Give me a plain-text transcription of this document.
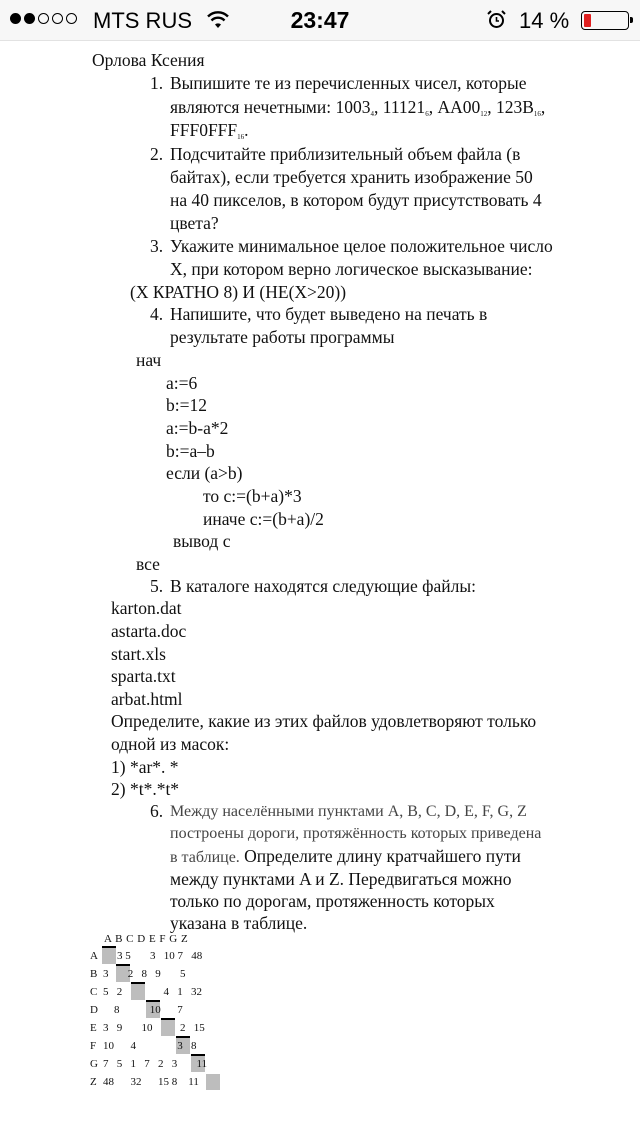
MTS RUS	23:47	14 %
Орлова Ксения
1. Выпишите те из перечисленных чисел, которые
являются нечетными: $1003_4$, $11121_6$, $AA00_{12}$, $123B_{16}$,
$FFF0FFF_{16}$.
2. Подсчитайте приблизительный объем файла (в
байтах), если требуется хранить изображение 50
на 40 пикселов, в котором будут присутствовать 4
цвета?
3. Укажите минимальное целое положительное число
X, при котором верно логическое высказывание:
(X КРАТНО 8) И (НЕ(X>20))
4. Напишите, что будет выведено на печать в
результате работы программы
нач
a:=6
b:=12
a:=b-a*2
b:=a–b
если (a>b)
то c:=(b+a)*3
иначе c:=(b+a)/2
вывод c
все
5. В каталоге находятся следующие файлы:
karton.dat
astarta.doc
start.xls
sparta.txt
arbat.html
Определите, какие из этих файлов удовлетворяют только
одной из масок:
1) *ar*. *
2) *t*.*t*
6. Между населёнными пунктами A, B, C, D, E, F, G, Z
построены дороги, протяжённость которых приведена
в таблице. Определите длину кратчайшего пути
между пунктами A и Z. Передвигаться можно
только по дорогам, протяженность которых
указана в таблице.
A B C D E F G Z
A 3 5       3   10 7   48
B 3       2   8   9       5
C 5   2               4   1   32
D 8           10      7
E 3   9       10          2   15
F 10      4               3   8
G 7   5   1   7   2   3       11
Z 48      32      15 8    11
